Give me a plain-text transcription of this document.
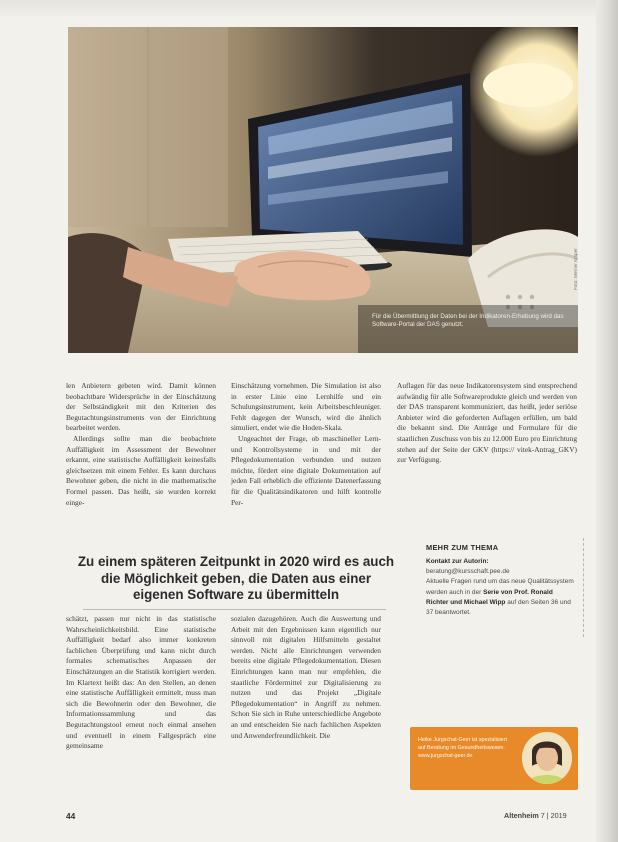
Für die Übermittlung der Daten bei der Indikatoren-Erhebung wird das Software-Portal der DAS genutzt.
Foto: Werner Krüper

len Anbietern gebeten wird. Damit können beobachtbare Widersprüche in der Einschätzung der Selbständigkeit mit den Kriterien des Begutachtungsinstruments von der Einrichtung bearbeitet werden.

Allerdings sollte man die beobachtete Auffälligkeit im Assessment der Bewohner erkannt, eine statistische Auffälligkeit keinesfalls gleichsetzen mit einem Fehler. Es kann durchaus Bewohner geben, die nicht in die mathematische Formel passen. Das heißt, sie wurden korrekt einge-

Einschätzung vornehmen. Die Simulation ist also in erster Linie eine Lernhilfe und ein Schulungsinstrument, kein Arbeitsbeschleuniger. Fehlt dagegen der Wunsch, wird die ähnlich simuliert, endet wie die Hoden-Skala.

Ungeachtet der Frage, ob maschineller Lern- und Kontrollsysteme in und mit der Pflegedokumentation verbunden und nutzen möchte, fördert eine digitale Dokumentation auf jeden Fall erheblich die effiziente Datenerfassung für die Qualitätsindikatoren und hilft kontrolle Per-

Auflagen für das neue Indikatorensystem sind entsprechend aufwändig für alle Softwareprodukte gleich und werden von der DAS transparent kommuniziert, das heißt, jeder seriöse Anbieter wird die geforderten Auflagen erfüllen, um bald die bekannt sind. Die Anträge und Formulare für die staatlichen Zuschuss von bis zu 12.000 Euro pro Einrichtung stehen auf der Seite der GKV (https:// vitek-Antrag_GKV) zur Verfügung.

Zu einem späteren Zeitpunkt in 2020 wird es auch die Möglichkeit geben, die Daten aus einer eigenen Software zu übermitteln

schätzt, passen nur nicht in das statistische Wahrscheinlichkeitsbild. Eine statistische Auffälligkeit bedarf also immer konkreten fachlichen Überprüfung und kann nicht durch formales schematisches Anpassen der Einschätzungen an die Statistik korrigiert werden. Im Klartext heißt das: An den Stellen, an denen eine statistische Auffälligkeit ermittelt, muss man sich die Bewohnerin oder den Bewohner, die Informationssammlung und das Begutachtungstool erneut noch einmal ansehen und eventuell in einem Fallgespräch eine gemeinsame

sozialen dazugehören. Auch die Auswertung und Arbeit mit den Ergebnissen kann eigentlich nur sinnvoll mit digitalen Hilfsmitteln gestaltet werden. Nicht alle Einrichtungen verwenden bereits eine digitale Pflegedokumentation. Diesen Einrichtungen kann man nur empfehlen, die staatliche Fördermittel zur Digitalisierung zu nutzen und das Projekt „Digitale Pflegedokumentation“ in Angriff zu nehmen. Schon Sie sich in Ruhe unterschiedliche Angebote an und entscheiden Sie nach fachlichen Aspekten und Anwenderfreundlichkeit. Die

MEHR ZUM THEMA
Kontakt zur Autorin:
beratung@kursschaft.pee.de
Aktuelle Fragen rund um das neue Qualitätssystem werden auch in der Serie von Prof. Ronald Richter und Michael Wipp auf den Seiten 36 und 37 beantwortet.
Heike Jurgschat-Geer ist spezialisiert auf Beratung im Gesundheitswesen. www.jurgschat-geer.de
44	Altenheim 7 | 2019
